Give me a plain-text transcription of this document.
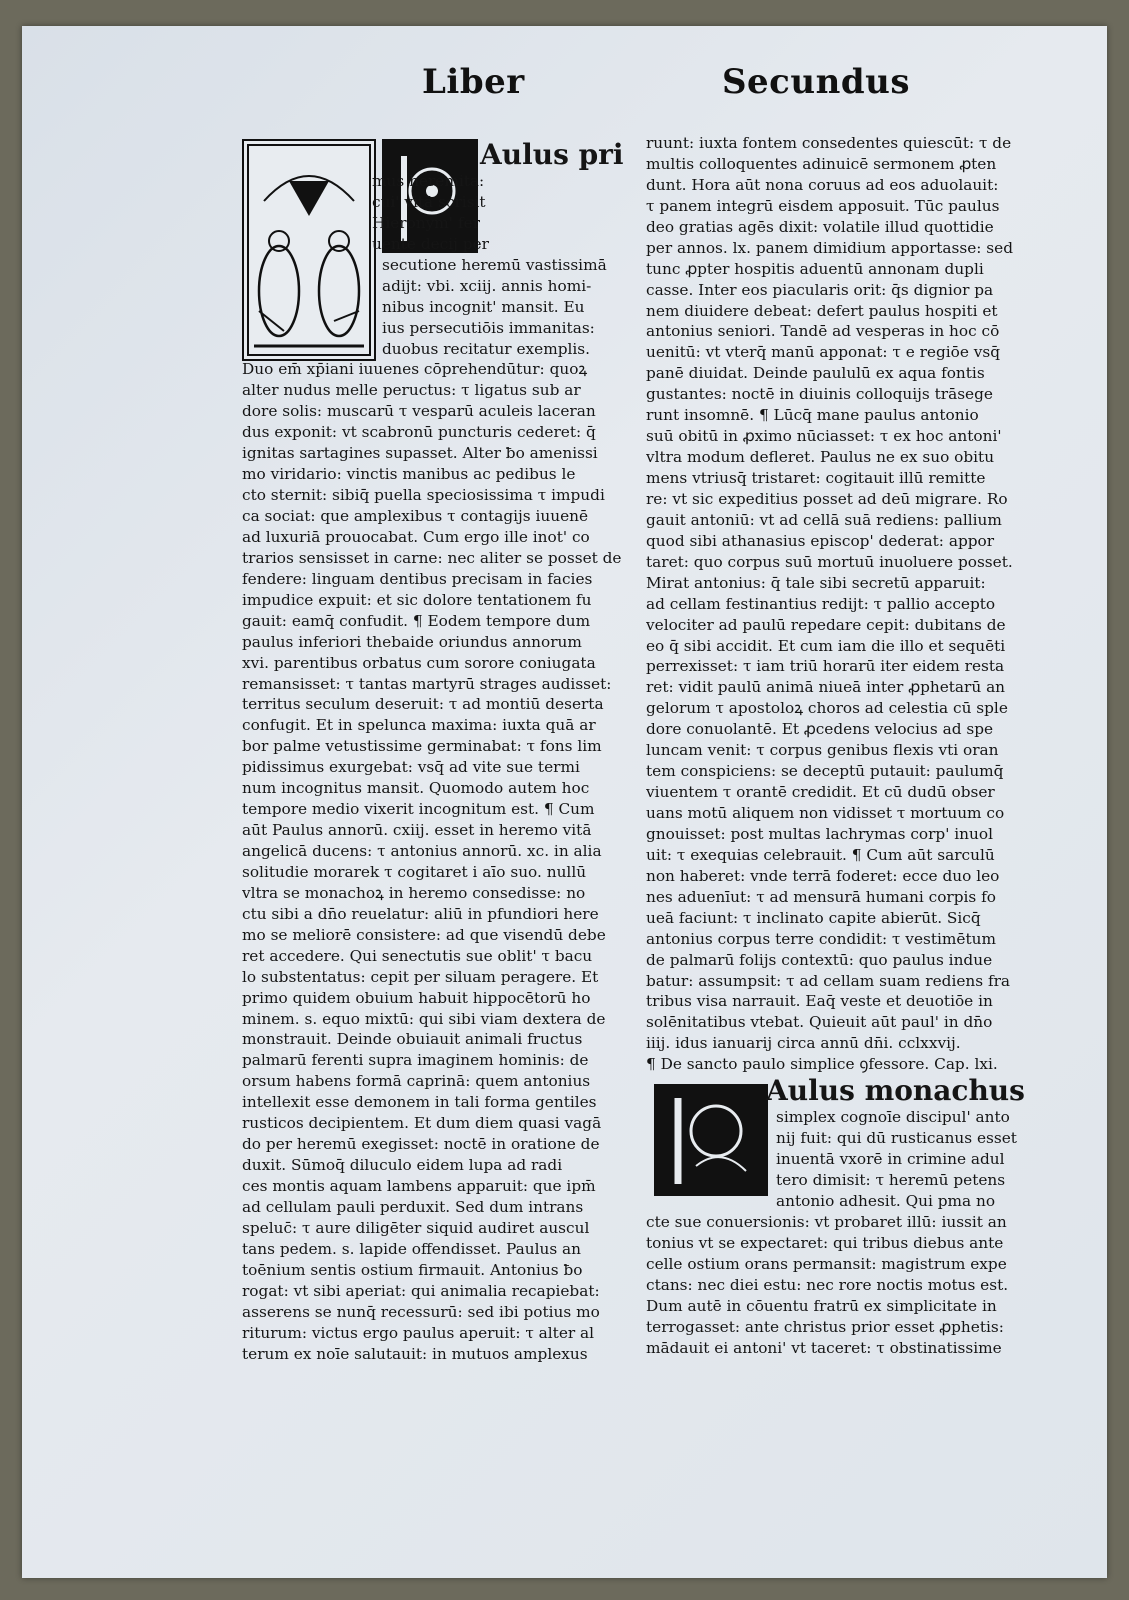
Liber	Secundus
Aulus pri
mus heremita:
cui' vitā scrisit
Hieronym' fer
uente decij per
secutione heremū vastissimā
adijt: vbi. xciij. annis homi-
nibus incognit' mansit. Eu
ius persecutiōis immanitas:
duobus recitatur exemplis.
Duo em̄ xp̄iani iuuenes cōprehendūtur: quoꝝ
alter nudus melle peructus: τ ligatus sub ar
dore solis: muscarū τ vesparū aculeis laceran
dus exponit: vt scabronū puncturis cederet: q̄
ignitas sartagines supasset. Alter ƀo amenissi
mo viridario: vinctis manibus ac pedibus le
cto sternit: sibiq̄ puella speciosissima τ impudi
ca sociat: que amplexibus τ contagijs iuuenē
ad luxuriā prouocabat. Cum ergo ille inot' co
trarios sensisset in carne: nec aliter se posset de
fendere: linguam dentibus precisam in facies
impudice expuit: et sic dolore tentationem fu
gauit: eamq̄ confudit. ¶ Eodem tempore dum
paulus inferiori thebaide oriundus annorum
xvi. parentibus orbatus cum sorore coniugata
remansisset: τ tantas martyrū strages audisset:
territus seculum deseruit: τ ad montiū deserta
confugit. Et in spelunca maxima: iuxta quā ar
bor palme vetustissime germinabat: τ fons lim
pidissimus exurgebat: vsq̄ ad vite sue termi
num incognitus mansit. Quomodo autem hoc
tempore medio vixerit incognitum est. ¶ Cum
aūt Paulus annorū. cxiij. esset in heremo vitā
angelicā ducens: τ antonius annorū. xc. in alia
solitudie morarek τ cogitaret i aīo suo. nullū
vltra se monachoꝝ in heremo consedisse: no
ctu sibi a dn̄o reuelatur: aliū in pfundiori here
mo se meliorē consistere: ad que visendū debe
ret accedere. Qui senectutis sue oblit' τ bacu
lo substentatus: cepit per siluam peragere. Et
primo quidem obuium habuit hippocētorū ho
minem. s. equo mixtū: qui sibi viam dextera de
monstrauit. Deinde obuiauit animali fructus
palmarū ferenti supra imaginem hominis: de
orsum habens formā caprinā: quem antonius
intellexit esse demonem in tali forma gentiles
rusticos decipientem. Et dum diem quasi vagā
do per heremū exegisset: noctē in oratione de
duxit. Sūmoq̄ diluculo eidem lupa ad radi
ces montis aquam lambens apparuit: que ipm̄
ad cellulam pauli perduxit. Sed dum intrans
speluc̄: τ aure diligēter siquid audiret auscul
tans pedem. s. lapide offendisset. Paulus an
toēnium sentis ostium firmauit. Antonius ƀo
rogat: vt sibi aperiat: qui animalia recapiebat:
asserens se nunq̄ recessurū: sed ibi potius mo
riturum: victus ergo paulus aperuit: τ alter al
terum ex noīe salutauit: in mutuos amplexus
ruunt: iuxta fontem consedentes quiescūt: τ de
multis colloquentes adinuicē sermonem ꝓten
dunt. Hora aūt nona coruus ad eos aduolauit:
τ panem integrū eisdem apposuit. Tūc paulus
deo gratias agēs dixit: volatile illud quottidie
per annos. lx. panem dimidium apportasse: sed
tunc ꝓpter hospitis aduentū annonam dupli
casse. Inter eos piacularis orit: q̄s dignior pa
nem diuidere debeat: defert paulus hospiti et
antonius seniori. Tandē ad vesperas in hoc cō
uenitū: vt vterq̄ manū apponat: τ e regiōe vsq̄
panē diuidat. Deinde paululū ex aqua fontis
gustantes: noctē in diuinis colloquijs trāsege
runt insomnē. ¶ Lūcq̄ mane paulus antonio
suū obitū in ꝓximo nūciasset: τ ex hoc antoni'
vltra modum defleret. Paulus ne ex suo obitu
mens vtriusq̄ tristaret: cogitauit illū remitte
re: vt sic expeditius posset ad deū migrare. Ro
gauit antoniū: vt ad cellā suā rediens: pallium
quod sibi athanasius episcop' dederat: appor
taret: quo corpus suū mortuū inuoluere posset.
Mirat antonius: q̄ tale sibi secretū apparuit:
ad cellam festinantius redijt: τ pallio accepto
velociter ad paulū repedare cepit: dubitans de
eo q̄ sibi accidit. Et cum iam die illo et sequēti
perrexisset: τ iam triū horarū iter eidem resta
ret: vidit paulū animā niueā inter ꝓphetarū an
gelorum τ apostoloꝝ choros ad celestia cū sple
dore conuolantē. Et ꝓcedens velocius ad spe
luncam venit: τ corpus genibus flexis vti oran
tem conspiciens: se deceptū putauit: paulumq̄
viuentem τ orantē credidit. Et cū dudū obser
uans motū aliquem non vidisset τ mortuum co
gnouisset: post multas lachrymas corp' inuol
uit: τ exequias celebrauit. ¶ Cum aūt sarculū
non haberet: vnde terrā foderet: ecce duo leo
nes aduenīut: τ ad mensurā humani corpis fo
ueā faciunt: τ inclinato capite abierūt. Sicq̄
antonius corpus terre condidit: τ vestimētum
de palmarū folijs contextū: quo paulus indue
batur: assumpsit: τ ad cellam suam rediens fra
tribus visa narrauit. Eaq̄ veste et deuotiōe in
solēnitatibus vtebat. Quieuit aūt paul' in dn̄o
iiij. idus ianuarij circa annū dn̄i. cclxxvij.
¶ De sancto paulo simplice ꝯfessore. Cap. lxi.
Aulus monachus
simplex cognoīe discipul' anto
nij fuit: qui dū rusticanus esset
inuentā vxorē in crimine adul
tero dimisit: τ heremū petens
antonio adhesit. Qui pma no
cte sue conuersionis: vt probaret illū: iussit an
tonius vt se expectaret: qui tribus diebus ante
celle ostium orans permansit: magistrum expe
ctans: nec diei estu: nec rore noctis motus est.
Dum autē in cōuentu fratrū ex simplicitate in
terrogasset: ante christus prior esset ꝓphetis:
mādauit ei antoni' vt taceret: τ obstinatissime
